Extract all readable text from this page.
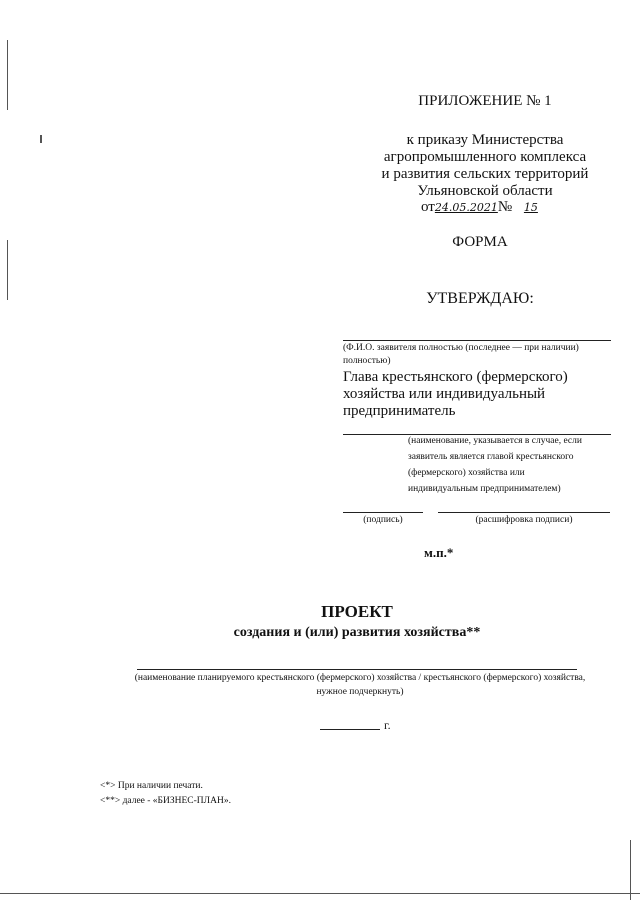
ПРИЛОЖЕНИЕ № 1
к приказу Министерства
агропромышленного комплекса
и развития сельских территорий
Ульяновской области
от24.05.2021№ 15
ФОРМА
УТВЕРЖДАЮ:
(Ф.И.О. заявителя полностью (последнее — при наличии)
полностью)
Глава крестьянского (фермерского)
хозяйства или индивидуальный
предприниматель
(наименование, указывается в случае, если
заявитель является главой крестьянского
(фермерского) хозяйства или
индивидуальным предпринимателем)
(подпись)	(расшифровка подписи)
м.п.*
ПРОЕКТ
создания и (или) развития хозяйства**
(наименование планируемого крестьянского (фермерского) хозяйства / крестьянского (фермерского) хозяйства,
нужное подчеркнуть)
г.
<*> При наличии печати.
<**> далее - «БИЗНЕС-ПЛАН».
